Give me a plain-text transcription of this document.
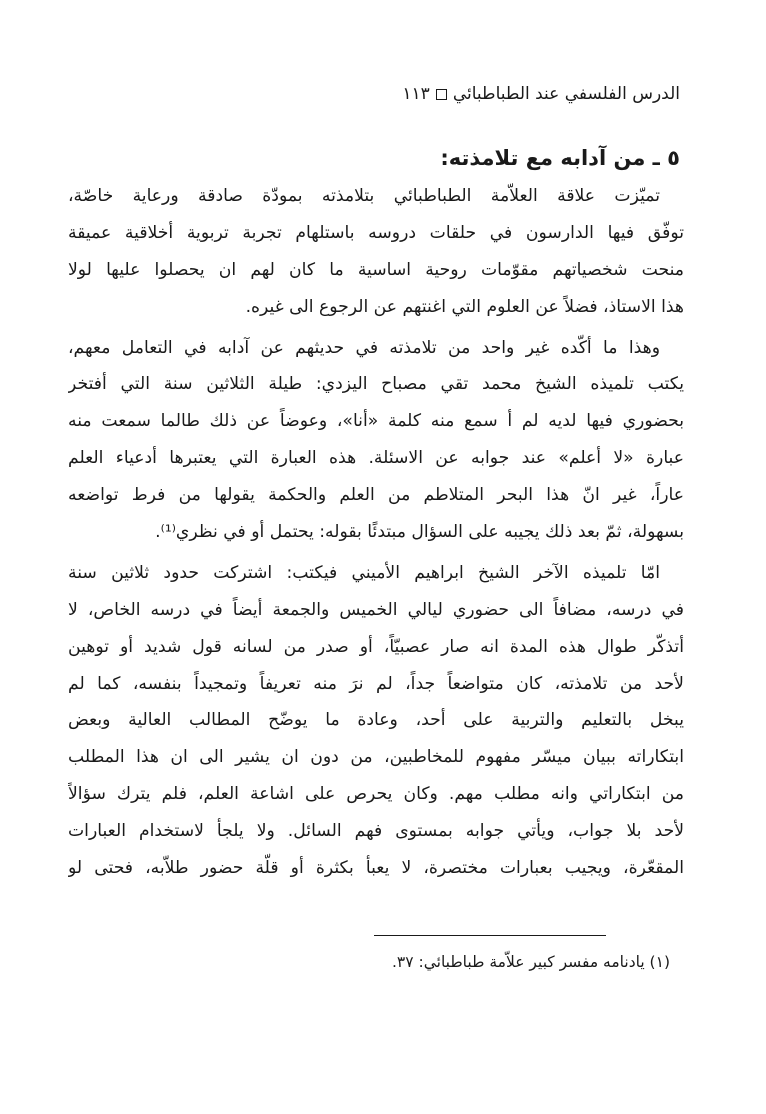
الدرس الفلسفي عند الطباطبائي
١١٣
٥ ـ من آدابه مع تلامذته:
تميّزت علاقة العلاّمة الطباطبائي بتلامذته بمودّة صادقة ورعاية خاصّة،
توفّق فيها الدارسون في حلقات دروسه باستلهام تجربة تربوية أخلاقية عميقة
منحت شخصياتهم مقوّمات روحية اساسية ما كان لهم ان يحصلوا عليها لولا
هذا الاستاذ، فضلاً عن العلوم التي اغنتهم عن الرجوع الى غيره.
وهذا ما أكّده غير واحد من تلامذته في حديثهم عن آدابه في التعامل معهم،
يكتب تلميذه الشيخ محمد تقي مصباح اليزدي: طيلة الثلاثين سنة التي أفتخر
بحضوري فيها لديه لم أ سمع منه كلمة «أنا»، وعوضاً عن ذلك طالما سمعت منه
عبارة «لا أعلم» عند جوابه عن الاسئلة. هذه العبارة التي يعتبرها أدعياء العلم
عاراً، غير انّ هذا البحر المتلاطم من العلم والحكمة يقولها من فرط تواضعه
بسهولة، ثمّ بعد ذلك يجيبه على السؤال مبتدئًا بقوله: يحتمل أو في نظري⁽¹⁾.
امّا تلميذه الآخر الشيخ ابراهيم الأميني فيكتب: اشتركت حدود ثلاثين سنة
في درسه، مضافاً الى حضوري ليالي الخميس والجمعة أيضاً في درسه الخاص، لا
أتذكّر طوال هذه المدة انه صار عصبيّاً، أو صدر من لسانه قول شديد أو توهين
لأحد من تلامذته، كان متواضعاً جداً، لم نرَ منه تعريفاً وتمجيداً بنفسه، كما لم
يبخل بالتعليم والتربية على أحد، وعادة ما يوضّح المطالب العالية وبعض
ابتكاراته ببيان ميسّر مفهوم للمخاطبين، من دون ان يشير الى ان هذا المطلب
من ابتكاراتي وانه مطلب مهم. وكان يحرص على اشاعة العلم، فلم يترك سؤالاً
لأحد بلا جواب، ويأتي جوابه بمستوى فهم السائل. ولا يلجأ لاستخدام العبارات
المقعّرة، ويجيب بعبارات مختصرة، لا يعبأ بكثرة أو قلّة حضور طلاّبه، فحتى لو
(١) يادنامه مفسر كبير علاّمة طباطبائي: ٣٧.
